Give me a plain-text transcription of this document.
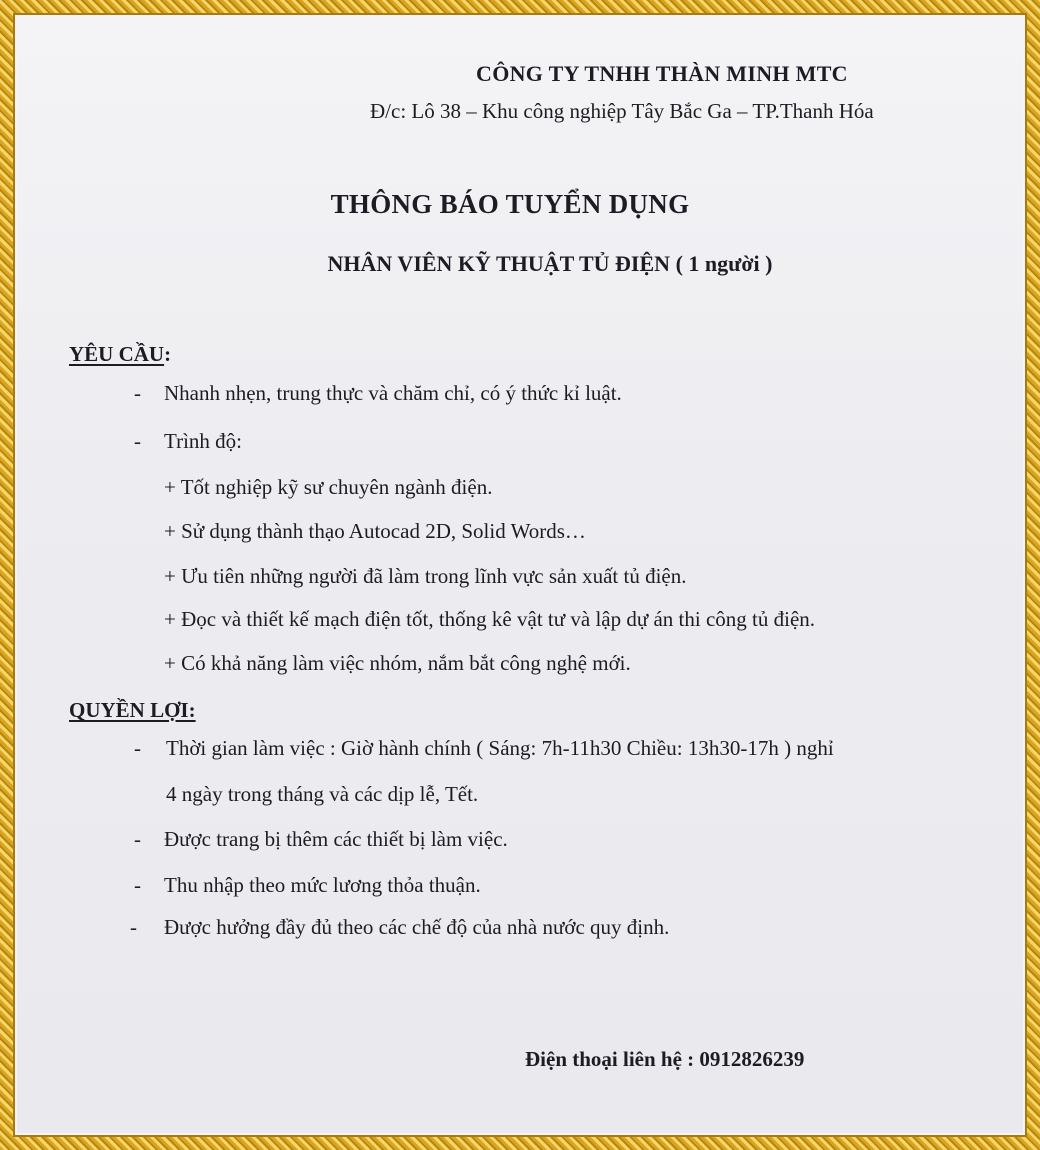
CÔNG TY TNHH THÀN MINH MTC
Đ/c: Lô 38 – Khu công nghiệp Tây Bắc Ga – TP.Thanh Hóa
THÔNG BÁO TUYỂN DỤNG
NHÂN VIÊN KỸ THUẬT TỦ ĐIỆN ( 1 người )
YÊU CẦU:
- Nhanh nhẹn, trung thực và chăm chỉ, có ý thức kỉ luật.
- Trình độ:
+ Tốt nghiệp kỹ sư chuyên ngành điện.
+ Sử dụng thành thạo Autocad 2D, Solid Words…
+ Ưu tiên những người đã làm trong lĩnh vực sản xuất tủ điện.
+ Đọc và thiết kế mạch điện tốt, thống kê vật tư và lập dự án thi công tủ điện.
+ Có khả năng làm việc nhóm, nắm bắt công nghệ mới.
QUYỀN LỢI:
- Thời gian làm việc : Giờ hành chính ( Sáng: 7h-11h30 Chiều: 13h30-17h ) nghỉ
4 ngày trong tháng và các dịp lễ, Tết.
- Được trang bị thêm các thiết bị làm việc.
- Thu nhập theo mức lương thỏa thuận.
- Được hưởng đầy đủ theo các chế độ của nhà nước quy định.
Điện thoại liên hệ : 0912826239
